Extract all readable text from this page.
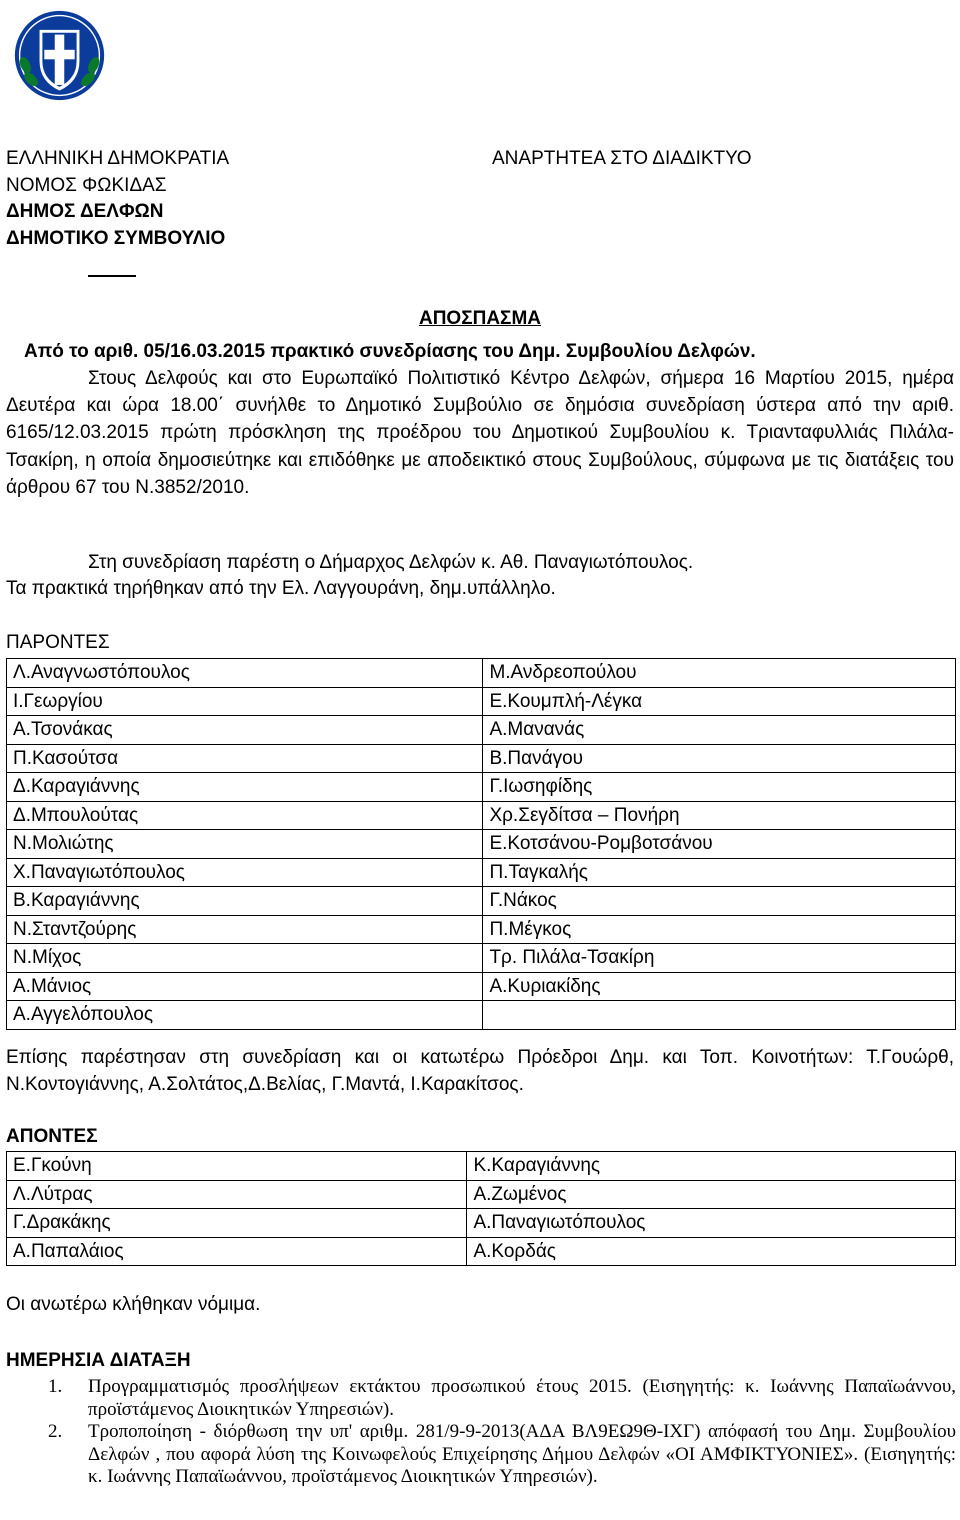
ΕΛΛΗΝΙΚΗ ΔΗΜΟΚΡΑΤΙΑ
ΝΟΜΟΣ ΦΩΚΙΔΑΣ
ΔΗΜΟΣ ΔΕΛΦΩΝ
ΔΗΜΟΤΙΚΟ ΣΥΜΒΟΥΛΙΟ
ΑΝΑΡΤΗΤΕΑ ΣΤΟ ΔΙΑΔΙΚΤΥΟ
ΑΠΟΣΠΑΣΜΑ
Από το αριθ. 05/16.03.2015 πρακτικό συνεδρίασης του Δημ. Συμβουλίου Δελφών.
Στους Δελφούς και στο Ευρωπαϊκό Πολιτιστικό Κέντρο Δελφών, σήμερα 16 Μαρτίου 2015, ημέρα Δευτέρα και ώρα 18.00΄ συνήλθε το Δημοτικό Συμβούλιο σε δημόσια συνεδρίαση ύστερα από την αριθ. 6165/12.03.2015 πρώτη πρόσκληση της προέδρου του Δημοτικού Συμβουλίου κ. Τριανταφυλλιάς Πιλάλα-Τσακίρη, η οποία δημοσιεύτηκε και επιδόθηκε με αποδεικτικό στους Συμβούλους, σύμφωνα με τις διατάξεις του άρθρου 67 του Ν.3852/2010.
Στη συνεδρίαση παρέστη ο Δήμαρχος Δελφών κ. Αθ. Παναγιωτόπουλος.
Τα πρακτικά τηρήθηκαν από την Ελ. Λαγγουράνη, δημ.υπάλληλο.
ΠΑΡΟΝΤΕΣ
Λ.Αναγνωστόπουλος	Μ.Ανδρεοπούλου
Ι.Γεωργίου	Ε.Κουμπλή-Λέγκα
Α.Τσονάκας	Α.Μανανάς
Π.Κασούτσα	Β.Πανάγου
Δ.Καραγιάννης	Γ.Ιωσηφίδης
Δ.Μπουλούτας	Χρ.Σεγδίτσα – Πονήρη
Ν.Μολιώτης	Ε.Κοτσάνου-Ρομβοτσάνου
Χ.Παναγιωτόπουλος	Π.Ταγκαλής
Β.Καραγιάννης	Γ.Νάκος
Ν.Σταντζούρης	Π.Μέγκος
Ν.Μίχος	Τρ. Πιλάλα-Τσακίρη
Α.Μάνιος	Α.Κυριακίδης
Α.Αγγελόπουλος	
Επίσης παρέστησαν στη συνεδρίαση και οι κατωτέρω Πρόεδροι Δημ. και Τοπ. Κοινοτήτων: Τ.Γουώρθ, Ν.Κοντογιάννης, Α.Σολτάτος,Δ.Βελίας, Γ.Μαντά, Ι.Καρακίτσος.
ΑΠΟΝΤΕΣ
Ε.Γκούνη	Κ.Καραγιάννης
Λ.Λύτρας	Α.Ζωμένος
Γ.Δρακάκης	Α.Παναγιωτόπουλος
Α.Παπαλάιος	Α.Κορδάς
Οι ανωτέρω κλήθηκαν νόμιμα.
ΗΜΕΡΗΣΙΑ ΔΙΑΤΑΞΗ
1. Προγραμματισμός προσλήψεων εκτάκτου προσωπικού έτους 2015. (Εισηγητής: κ. Ιωάννης Παπαϊωάννου, προϊστάμενος Διοικητικών Υπηρεσιών).
2. Τροποποίηση - διόρθωση την υπ' αριθμ. 281/9-9-2013(ΑΔΑ ΒΛ9ΕΩ9Θ-ΙΧΓ) απόφασή του Δημ. Συμβουλίου Δελφών , που αφορά λύση της Κοινωφελούς Επιχείρησης Δήμου Δελφών «ΟΙ ΑΜΦΙΚΤΥΟΝΙΕΣ». (Εισηγητής: κ. Ιωάννης Παπαϊωάννου, προϊστάμενος Διοικητικών Υπηρεσιών).
